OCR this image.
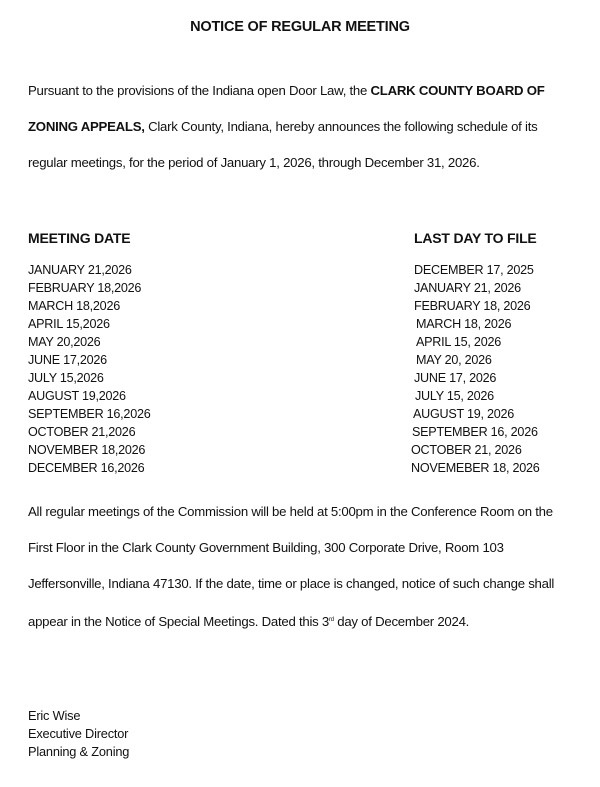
NOTICE OF REGULAR MEETING
Pursuant to the provisions of the Indiana open Door Law, the CLARK COUNTY BOARD OF
ZONING APPEALS, Clark County, Indiana, hereby announces the following schedule of its
regular meetings, for the period of January 1, 2026, through December 31, 2026.
MEETING DATE	LAST DAY TO FILE
JANUARY 21,2026
FEBRUARY 18,2026
MARCH 18,2026
APRIL 15,2026
MAY 20,2026
JUNE 17,2026
JULY 15,2026
AUGUST 19,2026
SEPTEMBER 16,2026
OCTOBER 21,2026
NOVEMBER 18,2026
DECEMBER 16,2026
DECEMBER 17, 2025
JANUARY 21, 2026
FEBRUARY 18, 2026
MARCH 18, 2026
APRIL 15, 2026
MAY 20, 2026
JUNE 17, 2026
JULY 15, 2026
AUGUST 19, 2026
SEPTEMBER 16, 2026
OCTOBER 21, 2026
NOVEMEBER 18, 2026
All regular meetings of the Commission will be held at 5:00pm in the Conference Room on the
First Floor in the Clark County Government Building, 300 Corporate Drive, Room 103
Jeffersonville, Indiana 47130. If the date, time or place is changed, notice of such change shall
appear in the Notice of Special Meetings. Dated this 3rd day of December 2024.
Eric Wise
Executive Director
Planning & Zoning
